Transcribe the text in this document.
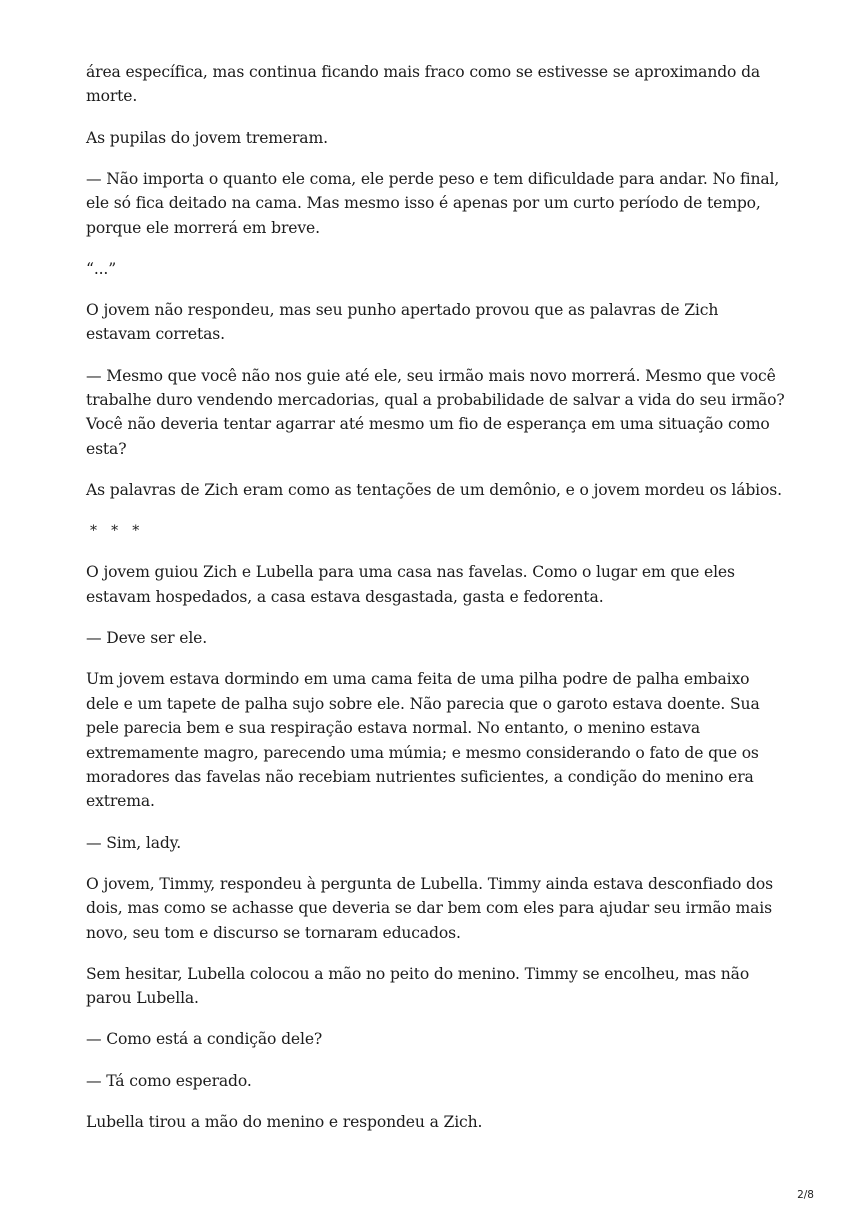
área específica, mas continua ficando mais fraco como se estivesse se aproximando da morte.

As pupilas do jovem tremeram.

— Não importa o quanto ele coma, ele perde peso e tem dificuldade para andar. No final, ele só fica deitado na cama. Mas mesmo isso é apenas por um curto período de tempo, porque ele morrerá em breve.

“...”

O jovem não respondeu, mas seu punho apertado provou que as palavras de Zich estavam corretas.

— Mesmo que você não nos guie até ele, seu irmão mais novo morrerá. Mesmo que você trabalhe duro vendendo mercadorias, qual a probabilidade de salvar a vida do seu irmão? Você não deveria tentar agarrar até mesmo um fio de esperança em uma situação como esta?

As palavras de Zich eram como as tentações de um demônio, e o jovem mordeu os lábios.

* * *

O jovem guiou Zich e Lubella para uma casa nas favelas. Como o lugar em que eles estavam hospedados, a casa estava desgastada, gasta e fedorenta.

— Deve ser ele.

Um jovem estava dormindo em uma cama feita de uma pilha podre de palha embaixo dele e um tapete de palha sujo sobre ele. Não parecia que o garoto estava doente. Sua pele parecia bem e sua respiração estava normal. No entanto, o menino estava extremamente magro, parecendo uma múmia; e mesmo considerando o fato de que os moradores das favelas não recebiam nutrientes suficientes, a condição do menino era extrema.

— Sim, lady.

O jovem, Timmy, respondeu à pergunta de Lubella. Timmy ainda estava desconfiado dos dois, mas como se achasse que deveria se dar bem com eles para ajudar seu irmão mais novo, seu tom e discurso se tornaram educados.

Sem hesitar, Lubella colocou a mão no peito do menino. Timmy se encolheu, mas não parou Lubella.

— Como está a condição dele?

— Tá como esperado.

Lubella tirou a mão do menino e respondeu a Zich.

2/8
